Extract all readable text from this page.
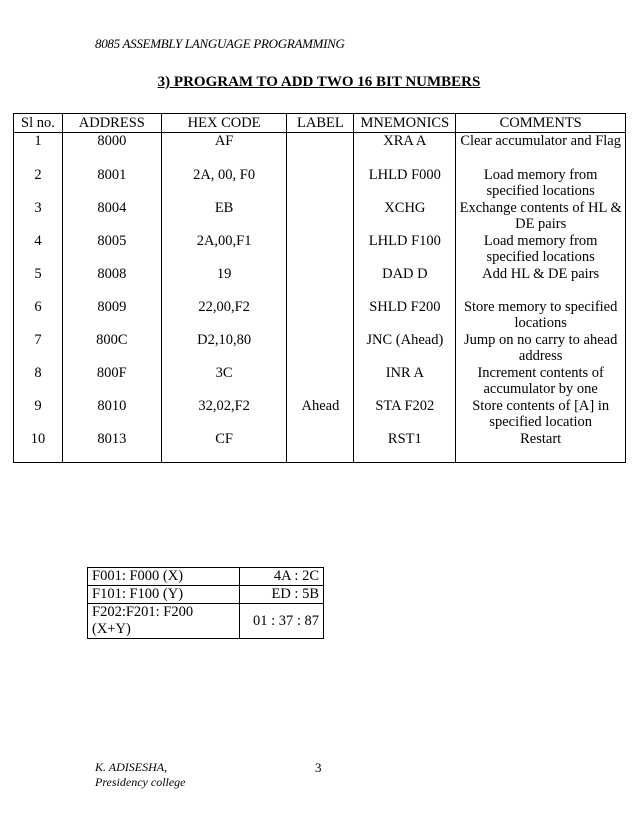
8085 ASSEMBLY LANGUAGE PROGRAMMING
3) PROGRAM TO ADD TWO 16 BIT NUMBERS
Sl no.	ADDRESS	HEX CODE	LABEL	MNEMONICS	COMMENTS
1	8000	AF		XRA A	Clear accumulator and Flag
2	8001	2A, 00, F0		LHLD F000	Load memory from specified locations
3	8004	EB		XCHG	Exchange contents of HL & DE pairs
4	8005	2A,00,F1		LHLD F100	Load memory from specified locations
5	8008	19		DAD D	Add HL & DE pairs
6	8009	22,00,F2		SHLD F200	Store memory to specified locations
7	800C	D2,10,80		JNC (Ahead)	Jump on no carry to ahead address
8	800F	3C		INR A	Increment contents of accumulator by one
9	8010	32,02,F2	Ahead	STA F202	Store contents of [A] in specified location
10	8013	CF		RST1	Restart
F001: F000 (X)	4A : 2C
F101: F100 (Y)	ED : 5B
F202:F201: F200 (X+Y)	01 : 37 : 87
K. ADISESHA,
Presidency college
3
